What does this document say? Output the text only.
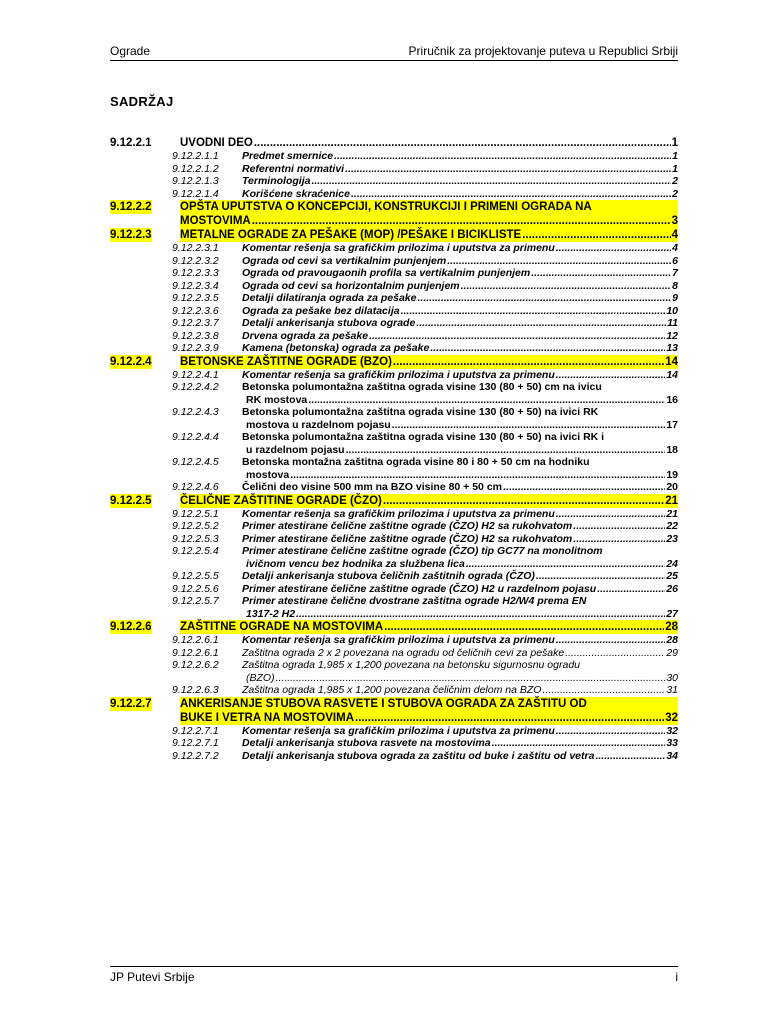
Ograde	Priručnik za projektovanje puteva u Republici Srbiji
SADRŽAJ
9.12.2.1 UVODNI DEO .....	1
9.12.2.1.1 Predmet smernice .....	1
9.12.2.1.2 Referentni normativi .....	1
9.12.2.1.3 Terminologija .....	2
9.12.2.1.4 Korišćene skraćenice .....	2
9.12.2.2 OPŠTA UPUTSTVA O KONCEPCIJI, KONSTRUKCIJI I PRIMENI OGRADA NA
MOSTOVIMA .....	3
9.12.2.3 METALNE OGRADE ZA PEŠAKE (MOP) /PEŠAKE I BICIKLISTE .....	4
9.12.2.3.1 Komentar rešenja sa grafičkim prilozima i uputstva za primenu .....	4
9.12.2.3.2 Ograda od cevi sa vertikalnim punjenjem .....	6
9.12.2.3.3 Ograda od pravougaonih profila sa vertikalnim punjenjem .....	7
9.12.2.3.4 Ograda od cevi sa horizontalnim punjenjem .....	8
9.12.2.3.5 Detalji dilatiranja ograda za pešake .....	9
9.12.2.3.6 Ograda za pešake bez dilatacija .....	10
9.12.2.3.7 Detalji ankerisanja stubova ograde .....	11
9.12.2.3.8 Drvena ograda za pešake .....	12
9.12.2.3.9 Kamena (betonska) ograda za pešake .....	13
9.12.2.4 BETONSKE ZAŠTITNE OGRADE (BZO) .....	14
9.12.2.4.1 Komentar rešenja sa grafičkim prilozima i uputstva za primenu .....	14
9.12.2.4.2 Betonska polumontažna zaštitna ograda visine 130 (80 + 50) cm na ivicu
RK mostova .....	16
9.12.2.4.3 Betonska polumontažna zaštitna ograda visine 130 (80 + 50) na ivici RK
mostova u razdelnom pojasu .....	17
9.12.2.4.4 Betonska polumontažna zaštitna ograda visine 130 (80 + 50) na ivici RK i
u razdelnom pojasu .....	18
9.12.2.4.5 Betonska montažna zaštitna ograda visine 80 i 80 + 50 cm na hodniku
mostova .....	19
9.12.2.4.6 Čelični deo visine 500 mm na BZO visine 80 + 50 cm .....	20
9.12.2.5 ČELIČNE ZAŠTITINE OGRADE (ČZO) .....	21
9.12.2.5.1 Komentar rešenja sa grafičkim prilozima i uputstva za primenu .....	21
9.12.2.5.2 Primer atestirane čelične zaštitne ograde (ČZO) H2 sa rukohvatom .....	22
9.12.2.5.3 Primer atestirane čelične zaštitne ograde (ČZO) H2 sa rukohvatom .....	23
9.12.2.5.4 Primer atestirane čelične zaštitne ograde (ČZO) tip GC77 na monolitnom
ivičnom vencu bez hodnika za službena lica .....	24
9.12.2.5.5 Detalji ankerisanja stubova čeličnih zaštitnih ograda (ČZO) .....	25
9.12.2.5.6 Primer atestirane čelične zaštitne ograde (ČZO) H2 u razdelnom pojasu .....	26
9.12.2.5.7 Primer atestirane čelične dvostrane zaštitna ograde H2/W4 prema EN
1317-2 H2 .....	27
9.12.2.6 ZAŠTITNE OGRADE NA MOSTOVIMA .....	28
9.12.2.6.1 Komentar rešenja sa grafičkim prilozima i uputstva za primenu .....	28
9.12.2.6.1 Zaštitna ograda 2 x 2 povezana na ogradu od čeličnih cevi za pešake .....	29
9.12.2.6.2 Zaštitna ograda 1,985 x 1,200 povezana na betonsku sigurnosnu ogradu
(BZO) .....	30
9.12.2.6.3 Zaštitna ograda 1,985 x 1,200 povezana čeličnim delom na BZO .....	31
9.12.2.7 ANKERISANJE STUBOVA RASVETE I STUBOVA OGRADA ZA ZAŠTITU OD
BUKE I VETRA NA MOSTOVIMA .....	32
9.12.2.7.1 Komentar rešenja sa grafičkim prilozima i uputstva za primenu .....	32
9.12.2.7.1 Detalji ankerisanja stubova rasvete na mostovima .....	33
9.12.2.7.2 Detalji ankerisanja stubova ograda za zaštitu od buke i zaštitu od vetra .....	34
JP Putevi Srbije	i
